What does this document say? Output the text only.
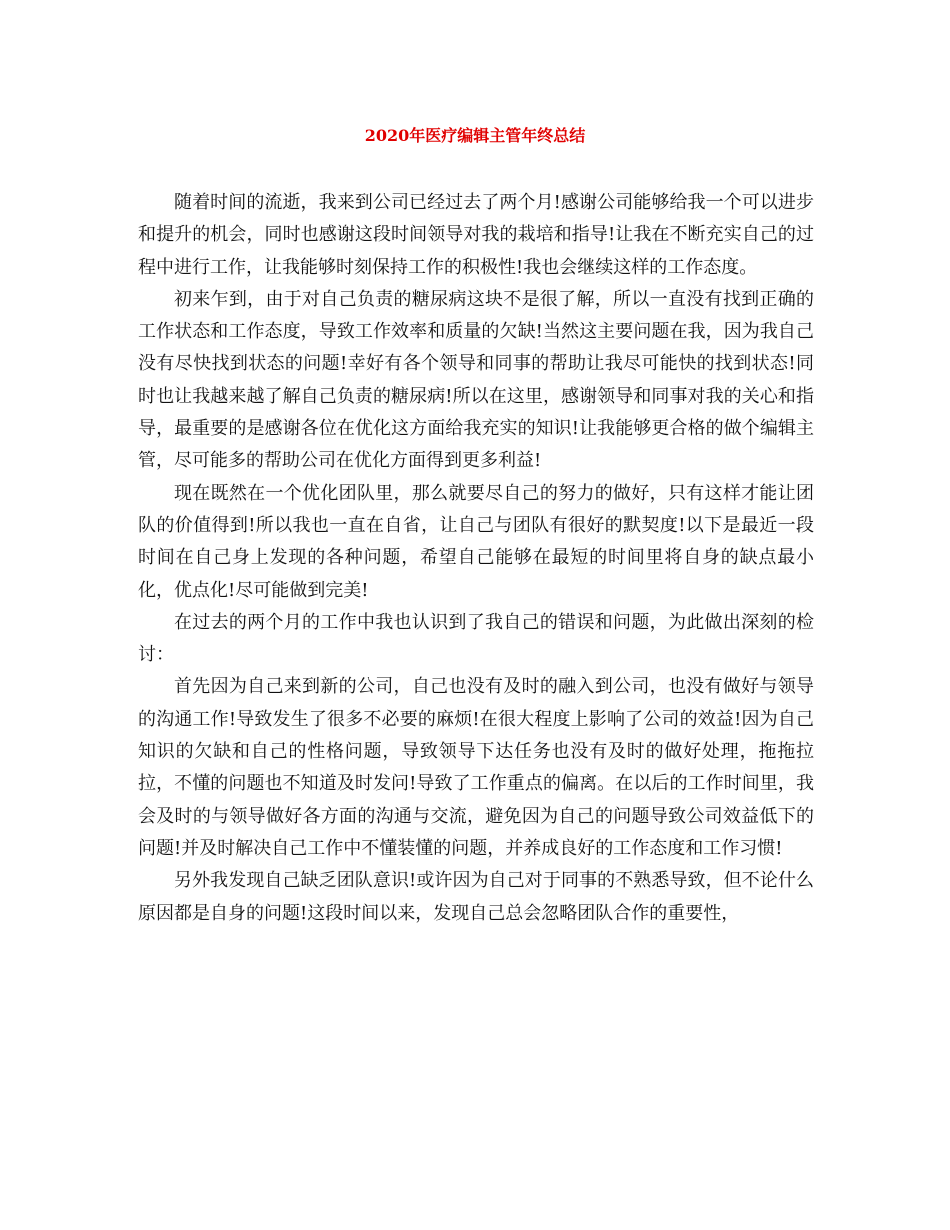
2020年医疗编辑主管年终总结

随着时间的流逝，我来到公司已经过去了两个月!感谢公司能够给我一个可以进步和提升的机会，同时也感谢这段时间领导对我的栽培和指导!让我在不断充实自己的过程中进行工作，让我能够时刻保持工作的积极性!我也会继续这样的工作态度。

初来乍到，由于对自己负责的糖尿病这块不是很了解，所以一直没有找到正确的工作状态和工作态度，导致工作效率和质量的欠缺!当然这主要问题在我，因为我自己没有尽快找到状态的问题!幸好有各个领导和同事的帮助让我尽可能快的找到状态!同时也让我越来越了解自己负责的糖尿病!所以在这里，感谢领导和同事对我的关心和指导，最重要的是感谢各位在优化这方面给我充实的知识!让我能够更合格的做个编辑主管，尽可能多的帮助公司在优化方面得到更多利益!

现在既然在一个优化团队里，那么就要尽自己的努力的做好，只有这样才能让团队的价值得到!所以我也一直在自省，让自己与团队有很好的默契度!以下是最近一段时间在自己身上发现的各种问题，希望自己能够在最短的时间里将自身的缺点最小化，优点化!尽可能做到完美!

在过去的两个月的工作中我也认识到了我自己的错误和问题，为此做出深刻的检讨：

首先因为自己来到新的公司，自己也没有及时的融入到公司，也没有做好与领导的沟通工作!导致发生了很多不必要的麻烦!在很大程度上影响了公司的效益!因为自己知识的欠缺和自己的性格问题，导致领导下达任务也没有及时的做好处理，拖拖拉拉，不懂的问题也不知道及时发问!导致了工作重点的偏离。在以后的工作时间里，我会及时的与领导做好各方面的沟通与交流，避免因为自己的问题导致公司效益低下的问题!并及时解决自己工作中不懂装懂的问题，并养成良好的工作态度和工作习惯!

另外我发现自己缺乏团队意识!或许因为自己对于同事的不熟悉导致，但不论什么原因都是自身的问题!这段时间以来，发现自己总会忽略团队合作的重要性，
